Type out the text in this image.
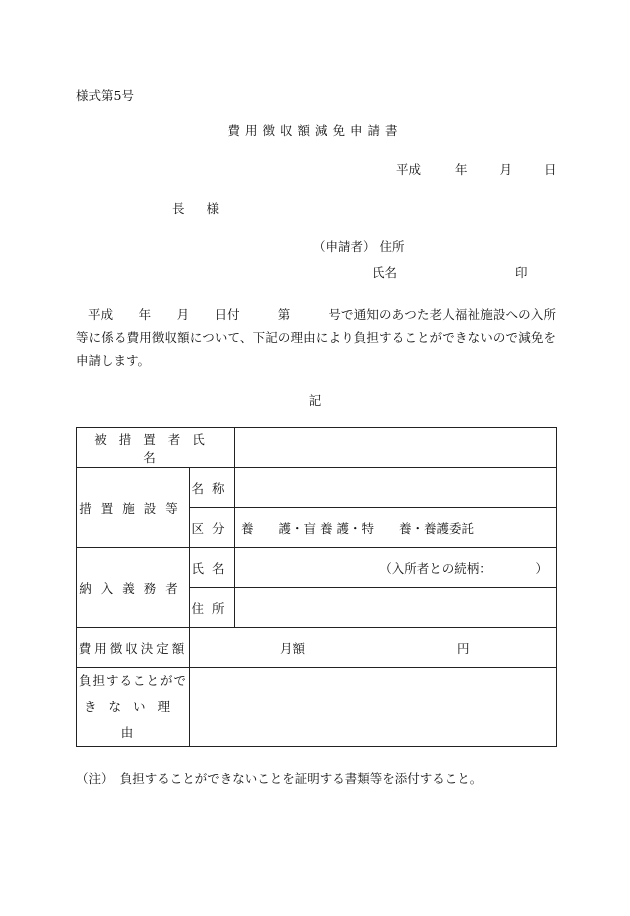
様式第5号
費用徴収額減免申請書
平成	年	月	日
長 様
（申請者） 住所
氏名	印
平成　　年　　月　　日付　　　第　　　号で通知のあつた老人福祉施設への入所等に係る費用徴収額について、下記の理由により負担することができないので減免を申請します。
記
被措置者氏名		

措置施設等	名称	
	区分	養　　護・盲 養 護・特　　養・養護委託

納入義務者	氏名	（入所者との続柄：　　　　）
	住所	
費用徴収決定額	月額 円	

負担することがで
きない理由		

（注）　負担することができないことを証明する書類等を添付すること。
